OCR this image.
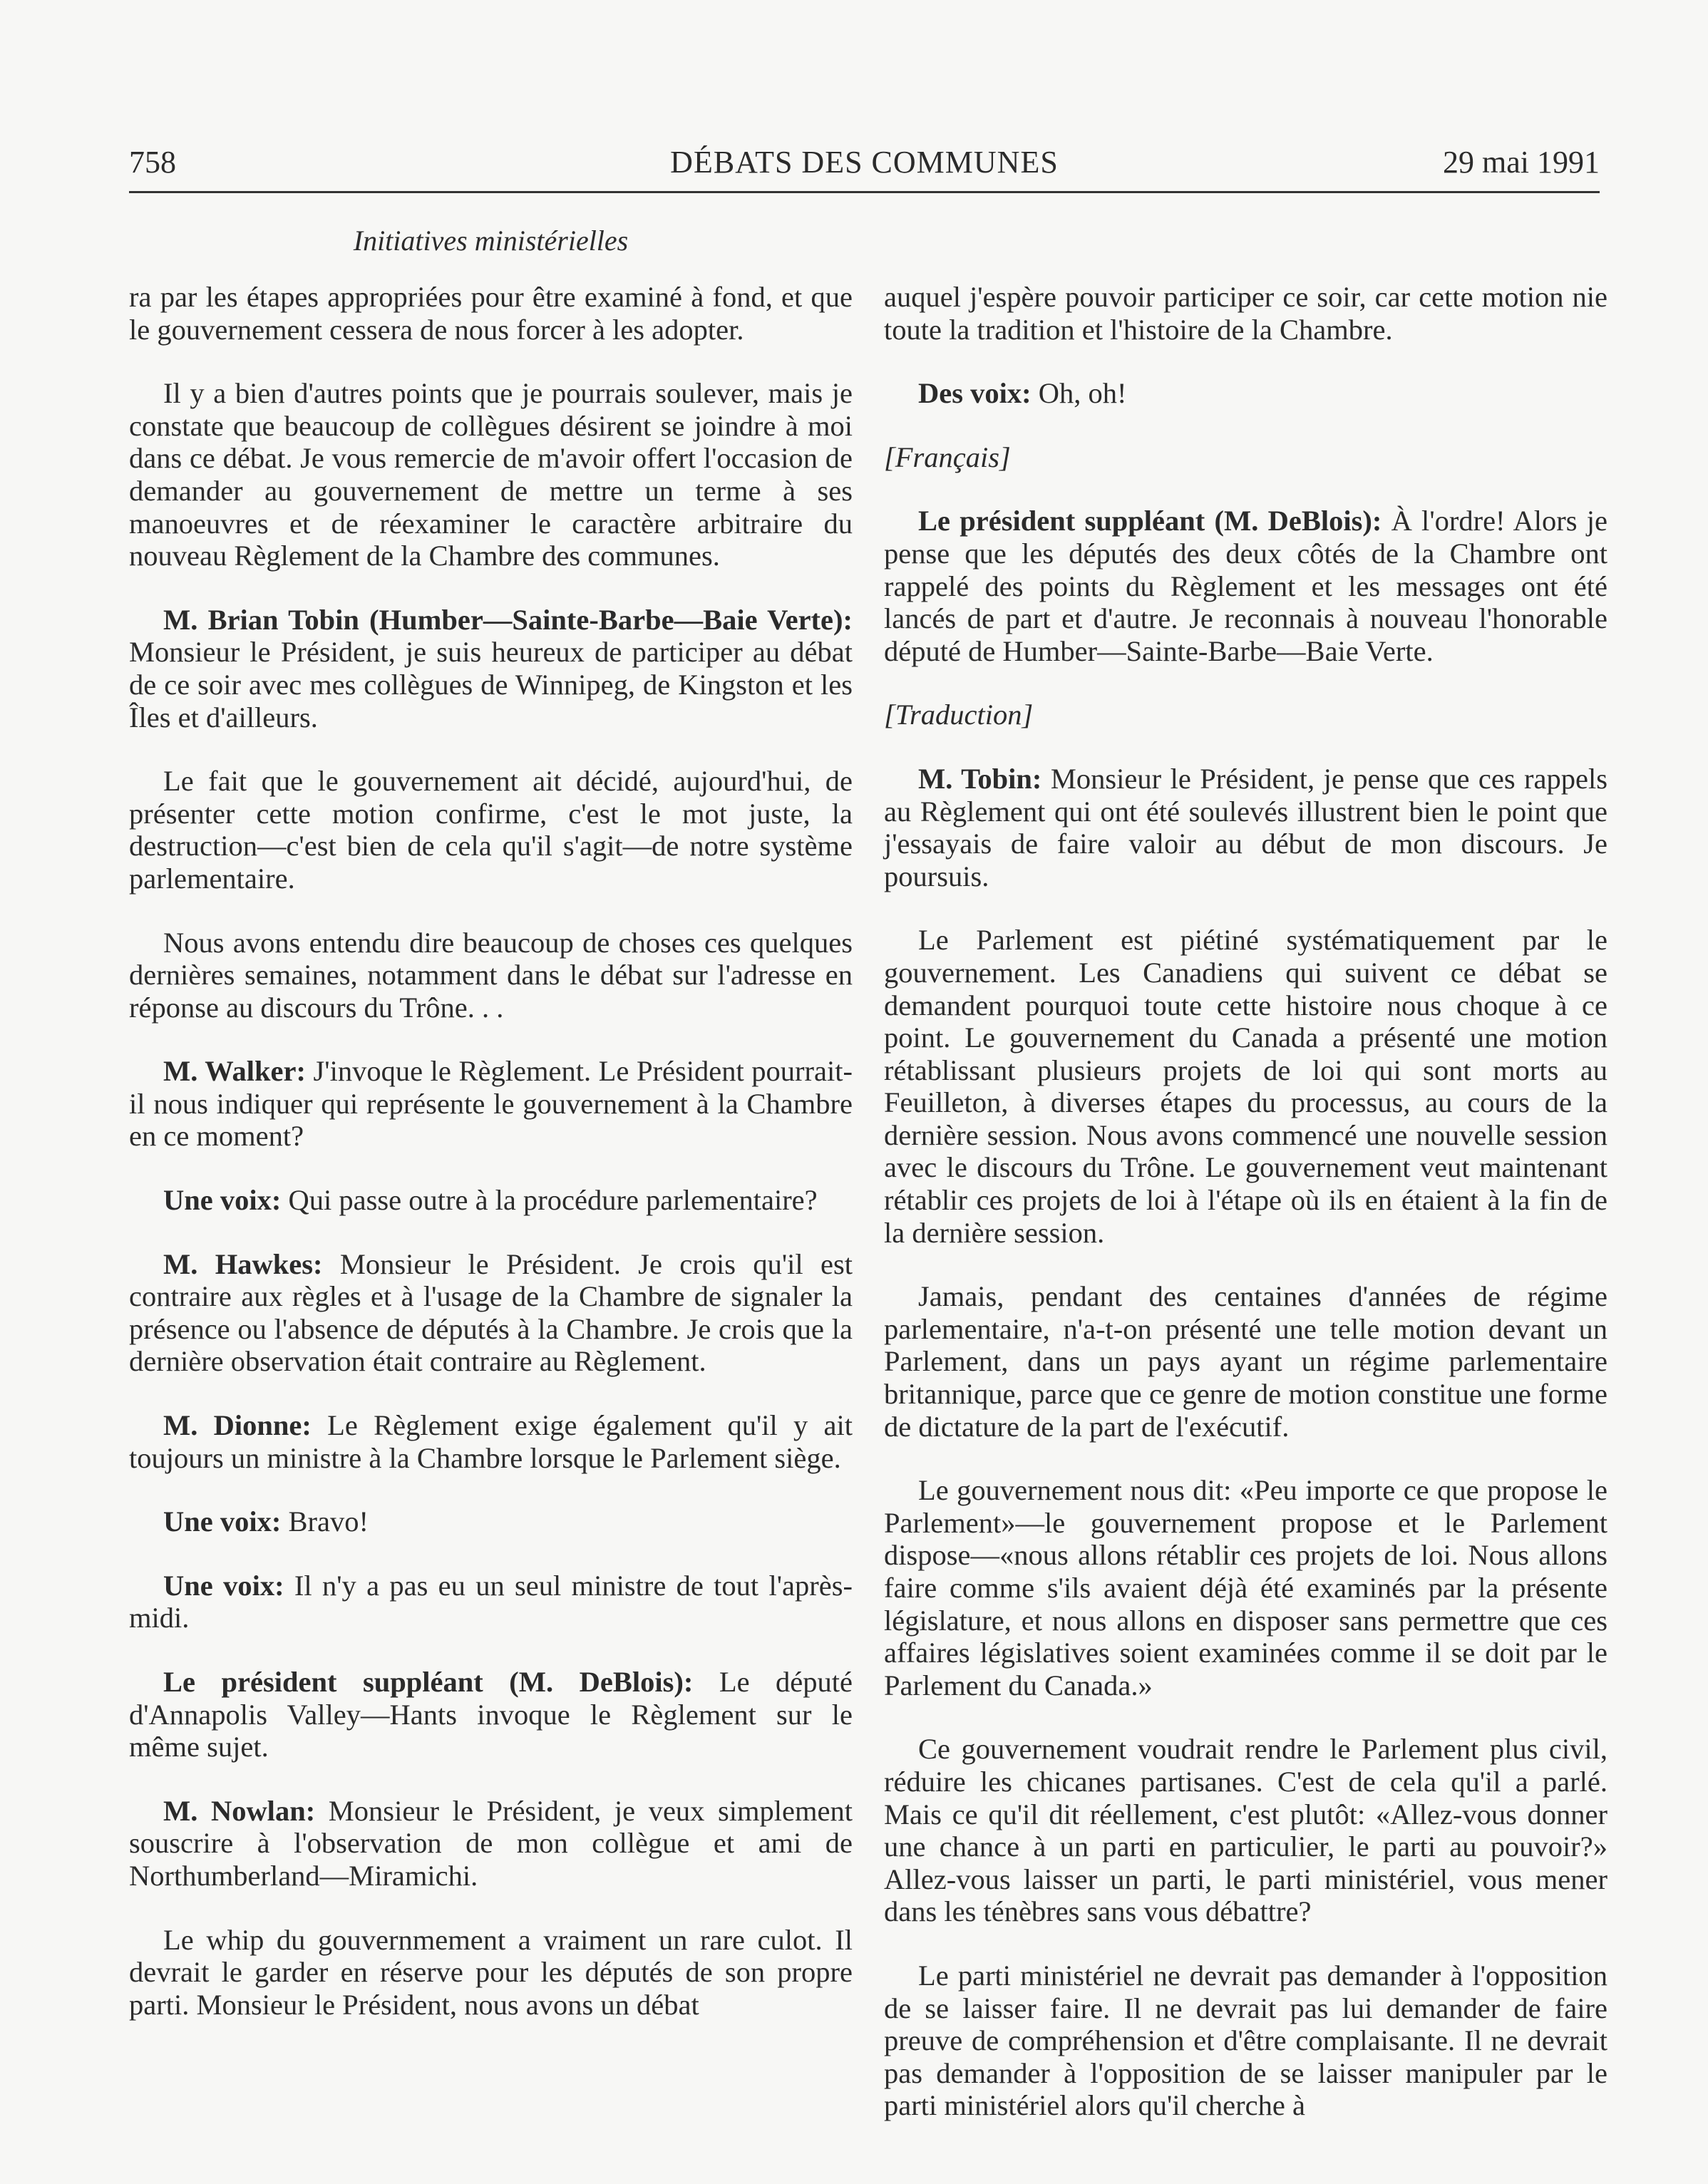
DÉBATS DES COMMUNES
758	29 mai 1991
Initiatives ministérielles

ra par les étapes appropriées pour être examiné à fond, et que le gouvernement cessera de nous forcer à les adopter.

Il y a bien d'autres points que je pourrais soulever, mais je constate que beaucoup de collègues désirent se joindre à moi dans ce débat. Je vous remercie de m'avoir offert l'occasion de demander au gouvernement de mettre un terme à ses manoeuvres et de réexaminer le caractère arbitraire du nouveau Règlement de la Chambre des communes.

M. Brian Tobin (Humber—Sainte-Barbe—Baie Verte): Monsieur le Président, je suis heureux de participer au débat de ce soir avec mes collègues de Winnipeg, de Kingston et les Îles et d'ailleurs.

Le fait que le gouvernement ait décidé, aujourd'hui, de présenter cette motion confirme, c'est le mot juste, la destruction—c'est bien de cela qu'il s'agit—de notre système parlementaire.

Nous avons entendu dire beaucoup de choses ces quelques dernières semaines, notamment dans le débat sur l'adresse en réponse au discours du Trône. . .

M. Walker: J'invoque le Règlement. Le Président pourrait-il nous indiquer qui représente le gouvernement à la Chambre en ce moment?

Une voix: Qui passe outre à la procédure parlementaire?

M. Hawkes: Monsieur le Président. Je crois qu'il est contraire aux règles et à l'usage de la Chambre de signaler la présence ou l'absence de députés à la Chambre. Je crois que la dernière observation était contraire au Règlement.

M. Dionne: Le Règlement exige également qu'il y ait toujours un ministre à la Chambre lorsque le Parlement siège.

Une voix: Bravo!

Une voix: Il n'y a pas eu un seul ministre de tout l'après-midi.

Le président suppléant (M. DeBlois): Le député d'Annapolis Valley—Hants invoque le Règlement sur le même sujet.

M. Nowlan: Monsieur le Président, je veux simplement souscrire à l'observation de mon collègue et ami de Northumberland—Miramichi.

Le whip du gouvernmement a vraiment un rare culot. Il devrait le garder en réserve pour les députés de son propre parti. Monsieur le Président, nous avons un débat

auquel j'espère pouvoir participer ce soir, car cette motion nie toute la tradition et l'histoire de la Chambre.

Des voix: Oh, oh!

[Français]

Le président suppléant (M. DeBlois): À l'ordre! Alors je pense que les députés des deux côtés de la Chambre ont rappelé des points du Règlement et les messages ont été lancés de part et d'autre. Je reconnais à nouveau l'honorable député de Humber—Sainte-Barbe—Baie Verte.

[Traduction]

M. Tobin: Monsieur le Président, je pense que ces rappels au Règlement qui ont été soulevés illustrent bien le point que j'essayais de faire valoir au début de mon discours. Je poursuis.

Le Parlement est piétiné systématiquement par le gouvernement. Les Canadiens qui suivent ce débat se demandent pourquoi toute cette histoire nous choque à ce point. Le gouvernement du Canada a présenté une motion rétablissant plusieurs projets de loi qui sont morts au Feuilleton, à diverses étapes du processus, au cours de la dernière session. Nous avons commencé une nouvelle session avec le discours du Trône. Le gouvernement veut maintenant rétablir ces projets de loi à l'étape où ils en étaient à la fin de la dernière session.

Jamais, pendant des centaines d'années de régime parlementaire, n'a-t-on présenté une telle motion devant un Parlement, dans un pays ayant un régime parlementaire britannique, parce que ce genre de motion constitue une forme de dictature de la part de l'exécutif.

Le gouvernement nous dit: «Peu importe ce que propose le Parlement»—le gouvernement propose et le Parlement dispose—«nous allons rétablir ces projets de loi. Nous allons faire comme s'ils avaient déjà été examinés par la présente législature, et nous allons en disposer sans permettre que ces affaires législatives soient examinées comme il se doit par le Parlement du Canada.»

Ce gouvernement voudrait rendre le Parlement plus civil, réduire les chicanes partisanes. C'est de cela qu'il a parlé. Mais ce qu'il dit réellement, c'est plutôt: «Allez-vous donner une chance à un parti en particulier, le parti au pouvoir?» Allez-vous laisser un parti, le parti ministériel, vous mener dans les ténèbres sans vous débattre?

Le parti ministériel ne devrait pas demander à l'opposition de se laisser faire. Il ne devrait pas lui demander de faire preuve de compréhension et d'être complaisante. Il ne devrait pas demander à l'opposition de se laisser manipuler par le parti ministériel alors qu'il cherche à
